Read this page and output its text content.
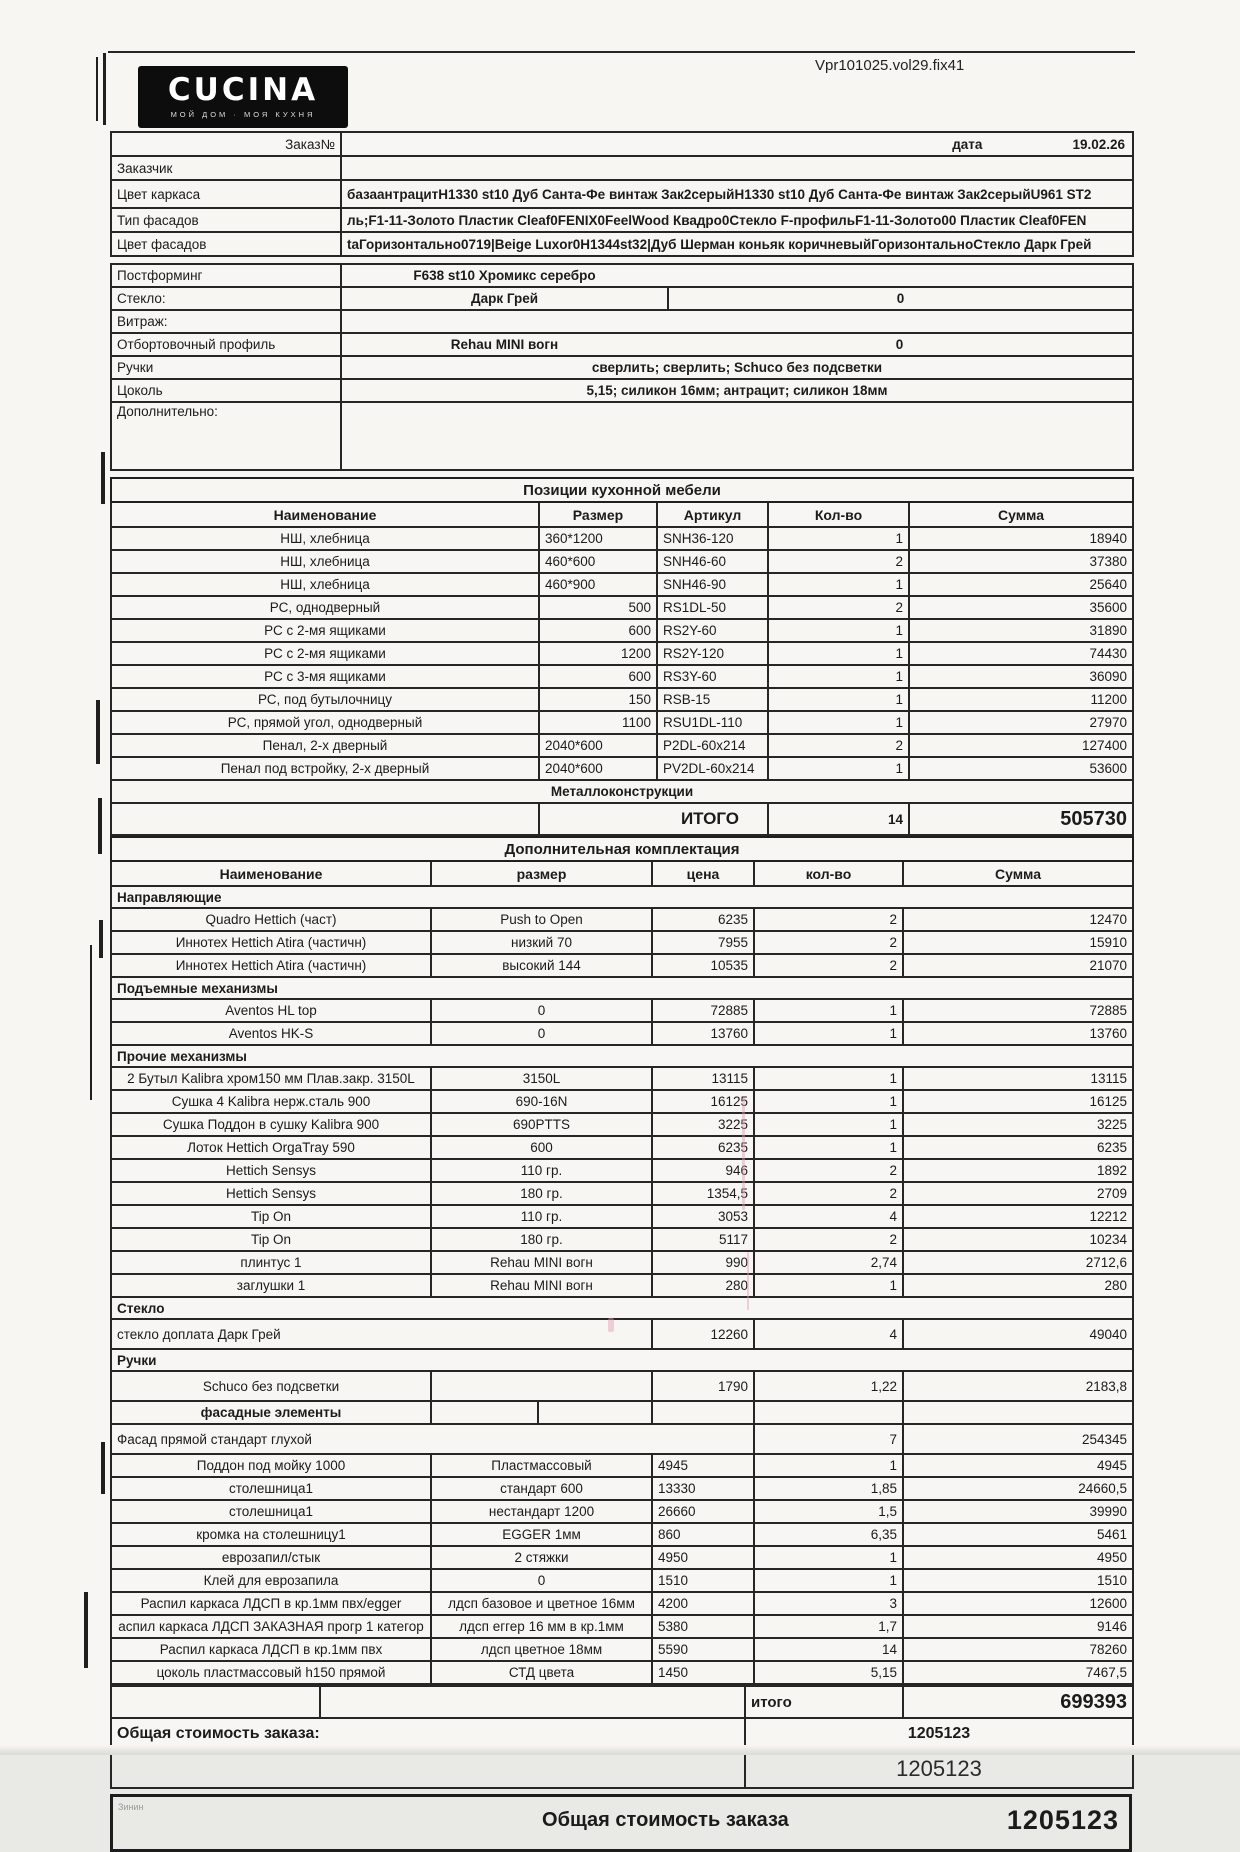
CUCINA
МОЙ ДОМ · МОЯ КУХНЯ
Vpr101025.vol29.fix41
Заказ№	дата 19.02.26

Заказчик	
Цвет каркаса	базаантрацитH1330 st10 Дуб Санта-Фе винтаж Зак2серыйH1330 st10 Дуб Санта-Фе винтаж Зак2серыйU961 ST2
Тип фасадов	ль;F1-11-Золото Пластик Cleaf0FENIX0FeelWood Квадро0Стекло F-профильF1-11-Золото00 Пластик Cleaf0FEN
Цвет фасадов	taГоризонтально0719|Beige Luxor0H1344st32|Дуб Шерман коньяк коричневыйГоризонтальноСтекло Дарк Грей
Постформинг	F638 st10 Хромикс серебро

Стекло:	Дарк Грей 0

Витраж:	
Отбортовочный профиль	Rehau MINI вогн 0

Ручки	сверлить; сверлить; Schuco без подсветки

Цоколь	5,15; силикон 16мм; антрацит; силикон 18мм

Дополнительно:	
Позиции кухонной мебели				
Наименование	Размер	Артикул	Кол-во	Сумма
НШ, хлебница	360*1200	SNH36-120	1	18940
НШ, хлебница	460*600	SNH46-60	2	37380
НШ, хлебница	460*900	SNH46-90	1	25640
РС, однодверный	500	RS1DL-50	2	35600
РС с 2-мя ящиками	600	RS2Y-60	1	31890
РС с 2-мя ящиками	1200	RS2Y-120	1	74430
РС с 3-мя ящиками	600	RS3Y-60	1	36090
РС, под бутылочницу	150	RSB-15	1	11200
РС, прямой угол, однодверный	1100	RSU1DL-110	1	27970
Пенал, 2-х дверный	2040*600	P2DL-60x214	2	127400
Пенал под встройку, 2-х дверный	2040*600	PV2DL-60x214	1	53600
Металлоконструкции				
	ИТОГО		14	505730
Дополнительная комплектация				
Наименование	размер	цена	кол-во	Сумма
Направляющие				
Quadro Hettich (част)	Push to Open	6235	2	12470
Иннотех Hettich Atira (частичн)	низкий 70	7955	2	15910
Иннотех Hettich Atira (частичн)	высокий 144	10535	2	21070
Подъемные механизмы				
Aventos HL top	0	72885	1	72885
Aventos HK-S	0	13760	1	13760
Прочие механизмы				
2 Бутыл Kalibra хром150 мм Плав.закр. 3150L	3150L	13115	1	13115
Сушка 4 Kalibra нерж.сталь 900	690-16N	16125	1	16125
Сушка Поддон в сушку Kalibra 900	690PTTS	3225	1	3225
Лоток Hettich OrgaTray 590	600	6235	1	6235
Hettich Sensys	110 гр.	946	2	1892
Hettich Sensys	180 гр.	1354,5	2	2709
Tip On	110 гр.	3053	4	12212
Tip On	180 гр.	5117	2	10234
плинтус 1	Rehau MINI вогн	990	2,74	2712,6
заглушки 1	Rehau MINI вогн	280	1	280
Стекло				
стекло доплата Дарк Грей		12260	4	49040
Ручки				
Schuco без подсветки		1790	1,22	2183,8
фасадные элементы	

Фасад прямой стандарт глухой			7	254345
Поддон под мойку 1000	Пластмассовый	4945	1	4945
столешница1	стандарт 600	13330	1,85	24660,5
столешница1	нестандарт 1200	26660	1,5	39990
кромка на столешницу1	EGGER 1мм	860	6,35	5461
еврозапил/стык	2 стяжки	4950	1	4950
Клей для еврозапила	0	1510	1	1510
Распил каркаса ЛДСП в кр.1мм пвх/egger	лдсп базовое и цветное 16мм	4200	3	12600
аспил каркаса ЛДСП ЗАКАЗНАЯ прогр 1 категор	лдсп еггер 16 мм в кр.1мм	5380	1,7	9146
Распил каркаса ЛДСП в кр.1мм пвх	лдсп цветное 18мм	5590	14	78260
цоколь пластмассовый h150 прямой	СТД цвета	1450	5,15	7467,5
		итого	699393
Общая стоимость заказа:		1205123	
		1205123	
Зинин
Общая стоимость заказа	1205123
